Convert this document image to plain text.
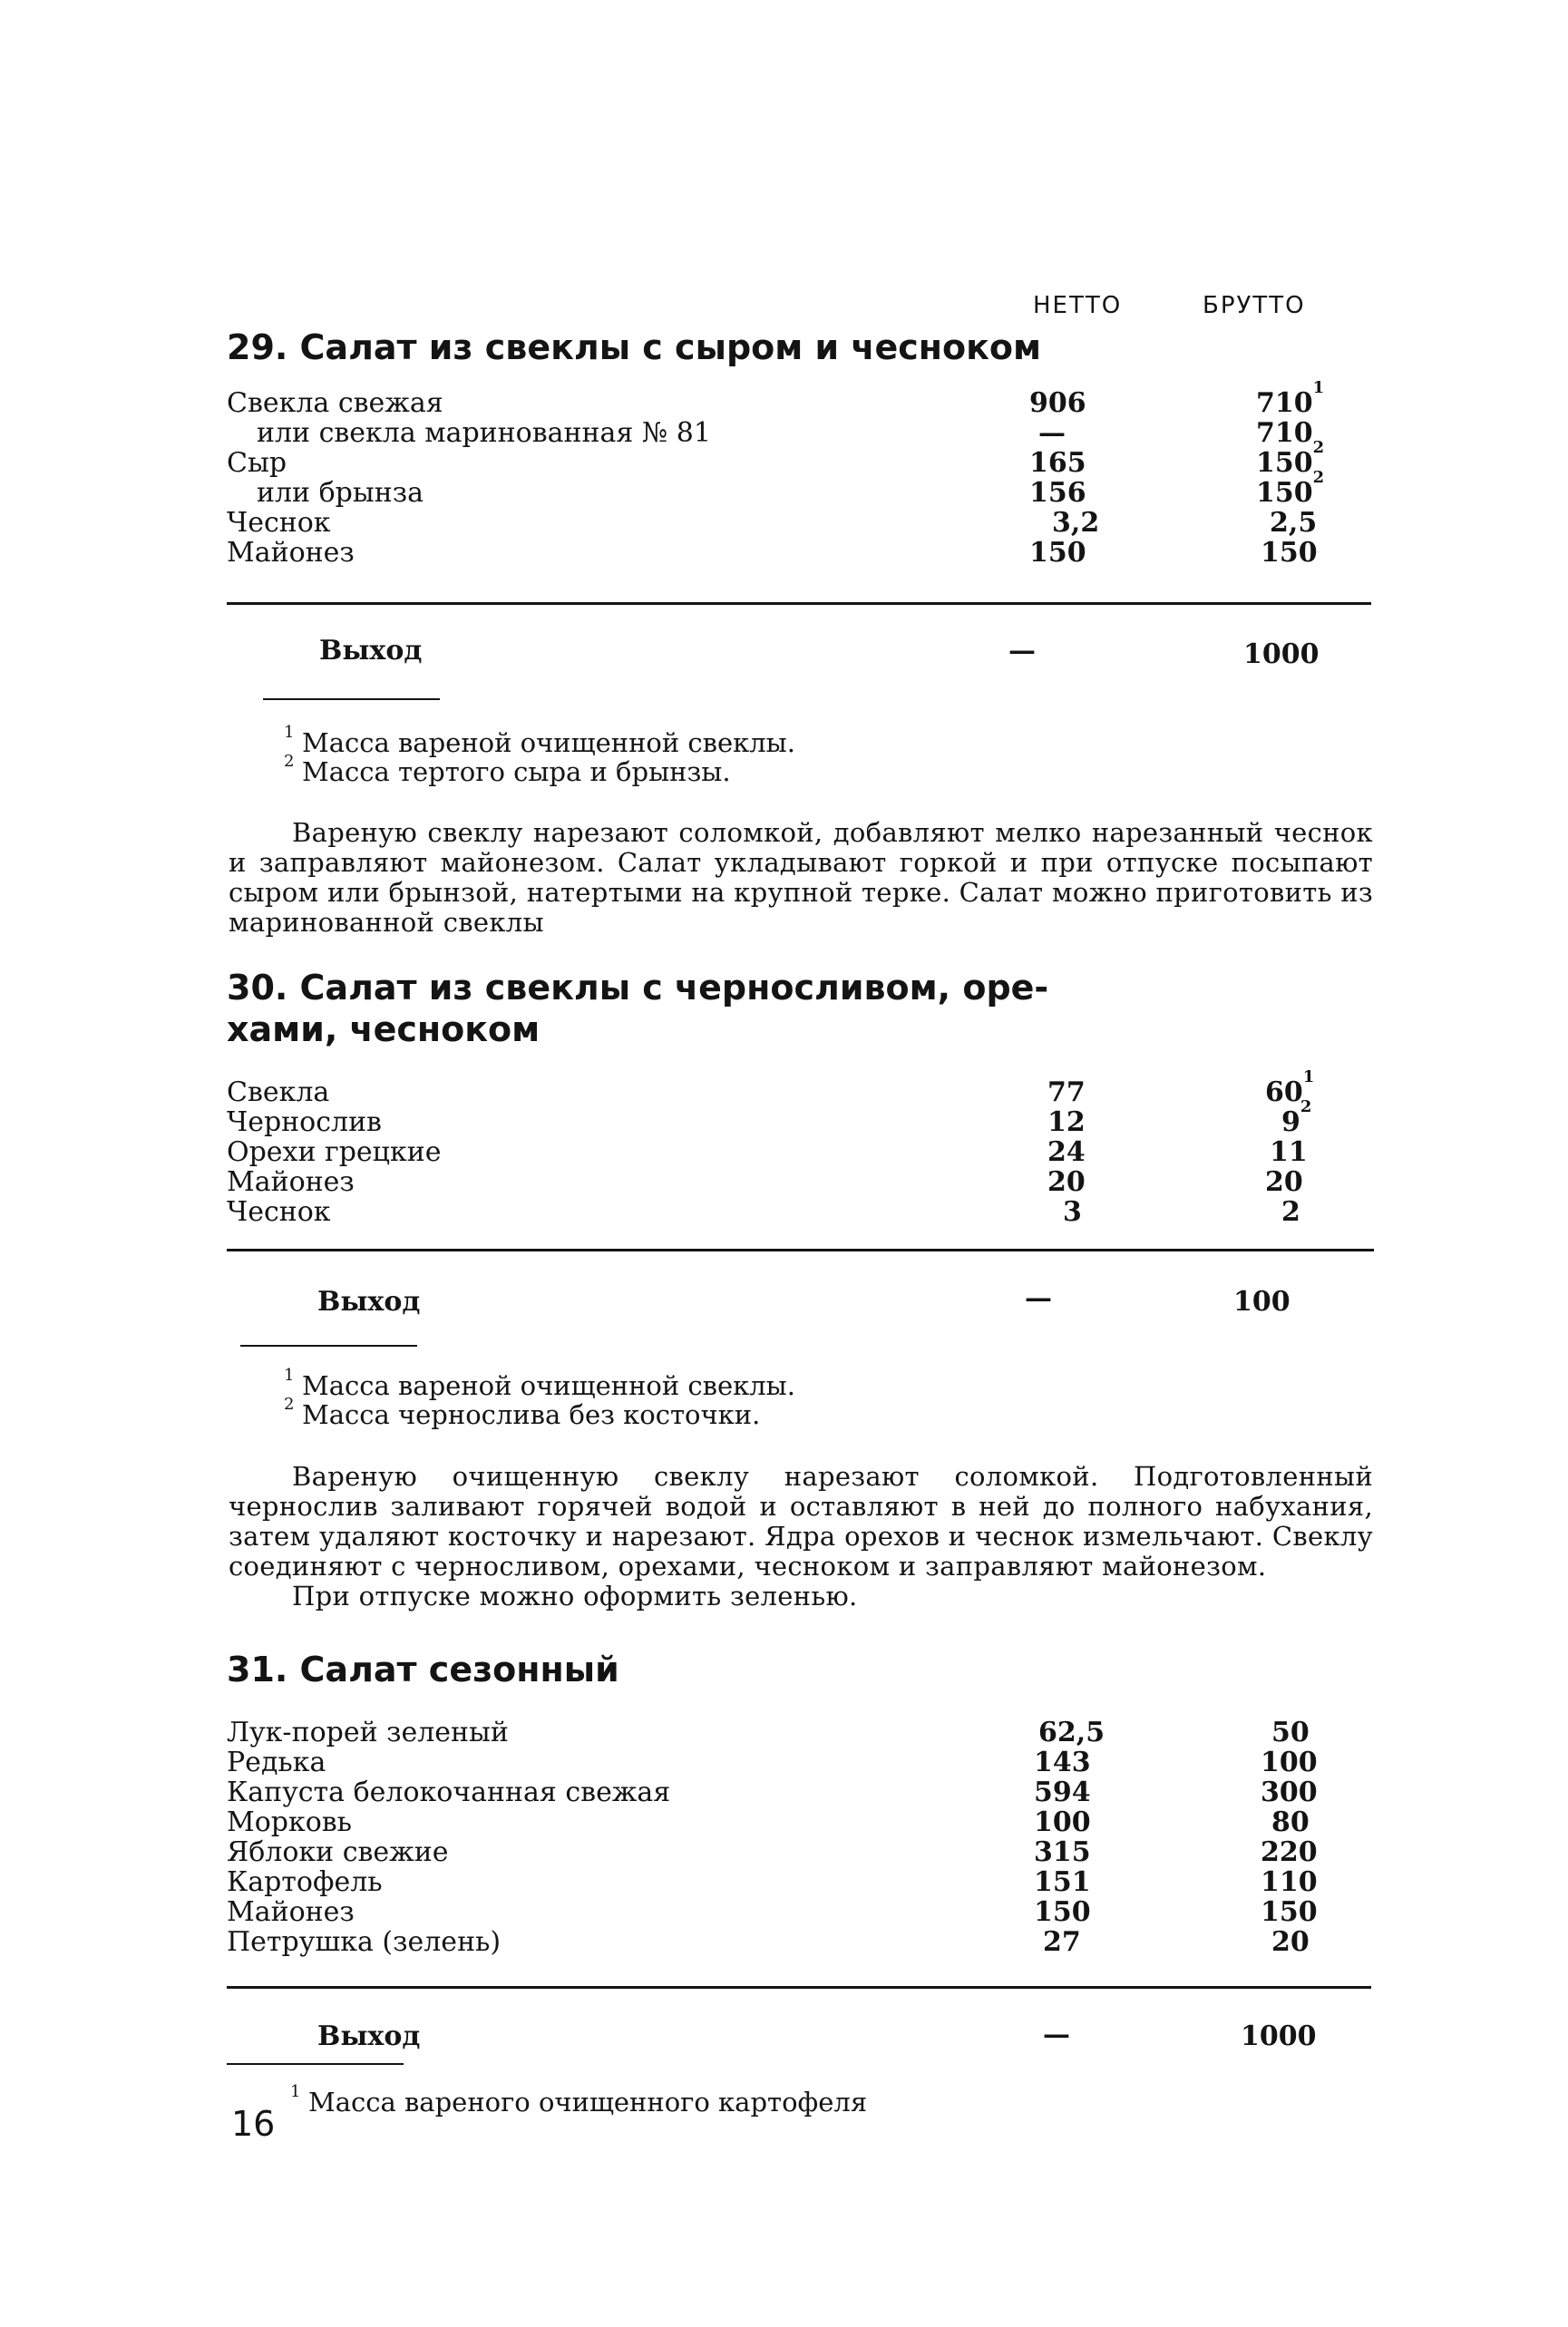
НЕТТО	БРУТТО
29. Салат из свеклы с сыром и чесноком
Свекла свежая	906	$710^1$
или свекла маринованная № 81	—	710
Сыр	165	$150^2$
или брынза	156	$150^2$
Чеснок	3,2	2,5
Майонез	150	150
Выход	—	1000
1 Масса вареной очищенной свеклы.
2 Масса тертого сыра и брынзы.

Вареную свеклу нарезают соломкой, добавляют мелко нарезанный чеснок и заправляют майонезом. Салат укладывают горкой и при отпуске посыпают сыром или брынзой, натертыми на крупной терке. Салат можно приготовить из маринованной свеклы

30. Салат из свеклы с черносливом, оре-
хами, чесноком
Свекла	77	$60^1$
Чернослив	12	$9^2$
Орехи грецкие	24	11
Майонез	20	20
Чеснок	3	2
Выход	—	100
1 Масса вареной очищенной свеклы.
2 Масса чернослива без косточки.

Вареную очищенную свеклу нарезают соломкой. Подготовленный чернослив заливают горячей водой и оставляют в ней до полного набухания, затем удаляют косточку и нарезают. Ядра орехов и чеснок измельчают. Свеклу соединяют с черносливом, орехами, чесноком и заправляют майонезом.

При отпуске можно оформить зеленью.

31. Салат сезонный
Лук-порей зеленый	62,5	50
Редька	143	100
Капуста белокочанная свежая	594	300
Морковь	100	80
Яблоки свежие	315	220
Картофель	151	110
Майонез	150	150
Петрушка (зелень)	27	20
Выход	—	1000
1 Масса вареного очищенного картофеля
16
